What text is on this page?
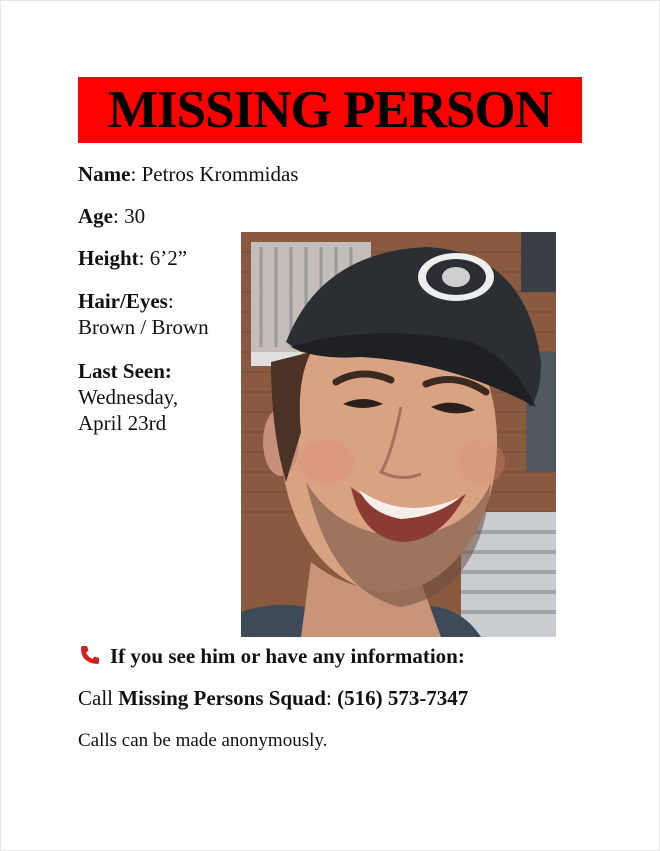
MISSING PERSON
Name: Petros Krommidas
Age: 30
Height: 6’2”
Hair/Eyes:
Brown / Brown
Last Seen:
Wednesday,
April 23rd
If you see him or have any information:
Call Missing Persons Squad: (516) 573-7347
Calls can be made anonymously.
